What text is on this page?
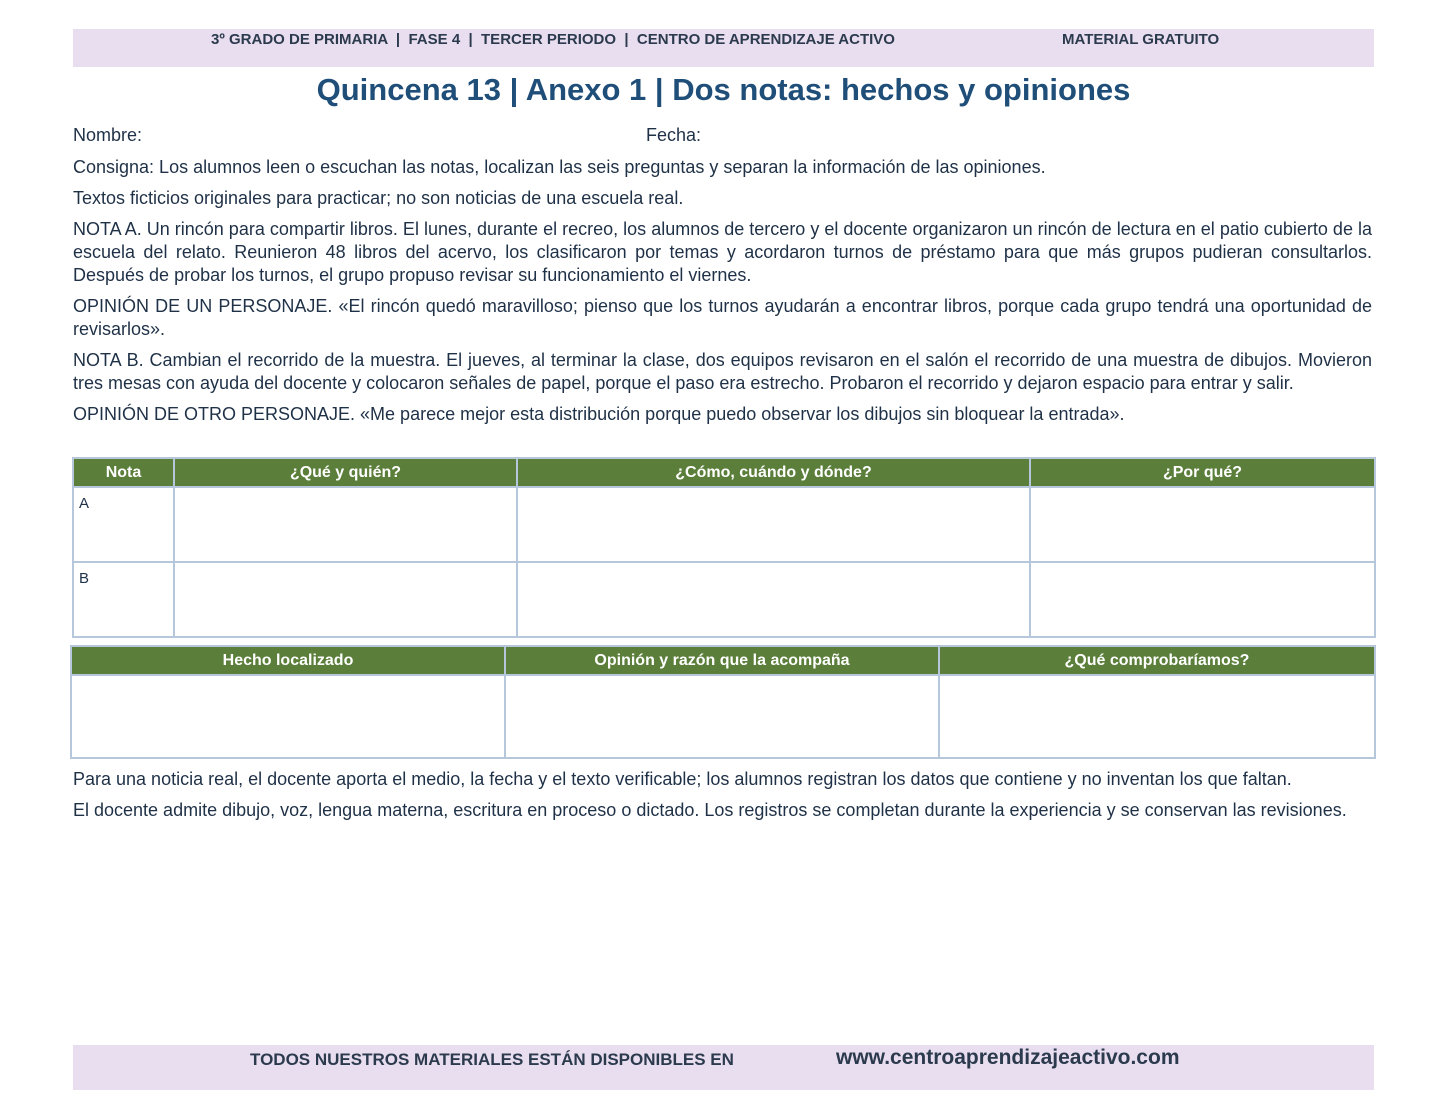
3º GRADO DE PRIMARIA  |  FASE 4  |  TERCER PERIODO  |  CENTRO DE APRENDIZAJE ACTIVO	MATERIAL GRATUITO
Quincena 13 | Anexo 1 | Dos notas: hechos y opiniones
Nombre:	Fecha:

Consigna: Los alumnos leen o escuchan las notas, localizan las seis preguntas y separan la información de las opiniones.

Textos ficticios originales para practicar; no son noticias de una escuela real.

NOTA A. Un rincón para compartir libros. El lunes, durante el recreo, los alumnos de tercero y el docente organizaron un rincón de lectura en el patio cubierto de la escuela del relato. Reunieron 48 libros del acervo, los clasificaron por temas y acordaron turnos de préstamo para que más grupos pudieran consultarlos. Después de probar los turnos, el grupo propuso revisar su funcionamiento el viernes.

OPINIÓN DE UN PERSONAJE. «El rincón quedó maravilloso; pienso que los turnos ayudarán a encontrar libros, porque cada grupo tendrá una oportunidad de revisarlos».

NOTA B. Cambian el recorrido de la muestra. El jueves, al terminar la clase, dos equipos revisaron en el salón el recorrido de una muestra de dibujos. Movieron tres mesas con ayuda del docente y colocaron señales de papel, porque el paso era estrecho. Probaron el recorrido y dejaron espacio para entrar y salir.

OPINIÓN DE OTRO PERSONAJE. «Me parece mejor esta distribución porque puedo observar los dibujos sin bloquear la entrada».

Nota	¿Qué y quién?	¿Cómo, cuándo y dónde?	¿Por qué?
A			
B			
Hecho localizado	Opinión y razón que la acompaña	¿Qué comprobaríamos?

Para una noticia real, el docente aporta el medio, la fecha y el texto verificable; los alumnos registran los datos que contiene y no inventan los que faltan.

El docente admite dibujo, voz, lengua materna, escritura en proceso o dictado. Los registros se completan durante la experiencia y se conservan las revisiones.

TODOS NUESTROS MATERIALES ESTÁN DISPONIBLES EN	www.centroaprendizajeactivo.com
